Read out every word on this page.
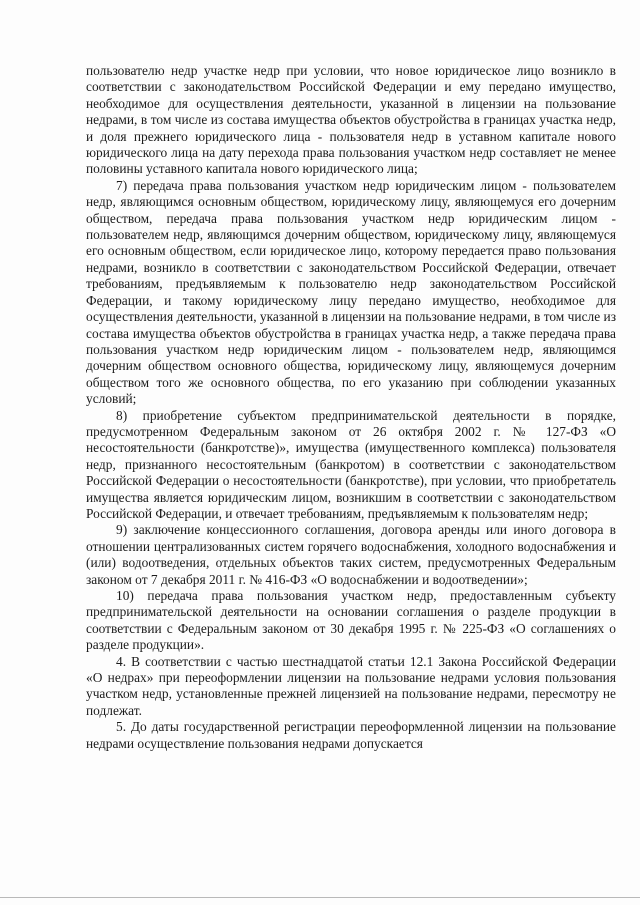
пользователю недр участке недр при условии, что новое юридическое лицо возникло в соответствии с законодательством Российской Федерации и ему передано имущество, необходимое для осуществления деятельности, указанной в лицензии на пользование недрами, в том числе из состава имущества объектов обустройства в границах участка недр, и доля прежнего юридического лица - пользователя недр в уставном капитале нового юридического лица на дату перехода права пользования участком недр составляет не менее половины уставного капитала нового юридического лица;

7) передача права пользования участком недр юридическим лицом - пользователем недр, являющимся основным обществом, юридическому лицу, являющемуся его дочерним обществом, передача права пользования участком недр юридическим лицом - пользователем недр, являющимся дочерним обществом, юридическому лицу, являющемуся его основным обществом, если юридическое лицо, которому передается право пользования недрами, возникло в соответствии с законодательством Российской Федерации, отвечает требованиям, предъявляемым к пользователю недр законодательством Российской Федерации, и такому юридическому лицу передано имущество, необходимое для осуществления деятельности, указанной в лицензии на пользование недрами, в том числе из состава имущества объектов обустройства в границах участка недр, а также передача права пользования участком недр юридическим лицом - пользователем недр, являющимся дочерним обществом основного общества, юридическому лицу, являющемуся дочерним обществом того же основного общества, по его указанию при соблюдении указанных условий;

8) приобретение субъектом предпринимательской деятельности в порядке, предусмотренном Федеральным законом от 26 октября 2002 г. № 127-ФЗ «О несостоятельности (банкротстве)», имущества (имущественного комплекса) пользователя недр, признанного несостоятельным (банкротом) в соответствии с законодательством Российской Федерации о несостоятельности (банкротстве), при условии, что приобретатель имущества является юридическим лицом, возникшим в соответствии с законодательством Российской Федерации, и отвечает требованиям, предъявляемым к пользователям недр;

9) заключение концессионного соглашения, договора аренды или иного договора в отношении централизованных систем горячего водоснабжения, холодного водоснабжения и (или) водоотведения, отдельных объектов таких систем, предусмотренных Федеральным законом от 7 декабря 2011 г. № 416-ФЗ «О водоснабжении и водоотведении»;

10) передача права пользования участком недр, предоставленным субъекту предпринимательской деятельности на основании соглашения о разделе продукции в соответствии с Федеральным законом от 30 декабря 1995 г. № 225-ФЗ «О соглашениях о разделе продукции».

4. В соответствии с частью шестнадцатой статьи 12.1 Закона Российской Федерации «О недрах» при переоформлении лицензии на пользование недрами условия пользования участком недр, установленные прежней лицензией на пользование недрами, пересмотру не подлежат.

5. До даты государственной регистрации переоформленной лицензии на пользование недрами осуществление пользования недрами допускается
